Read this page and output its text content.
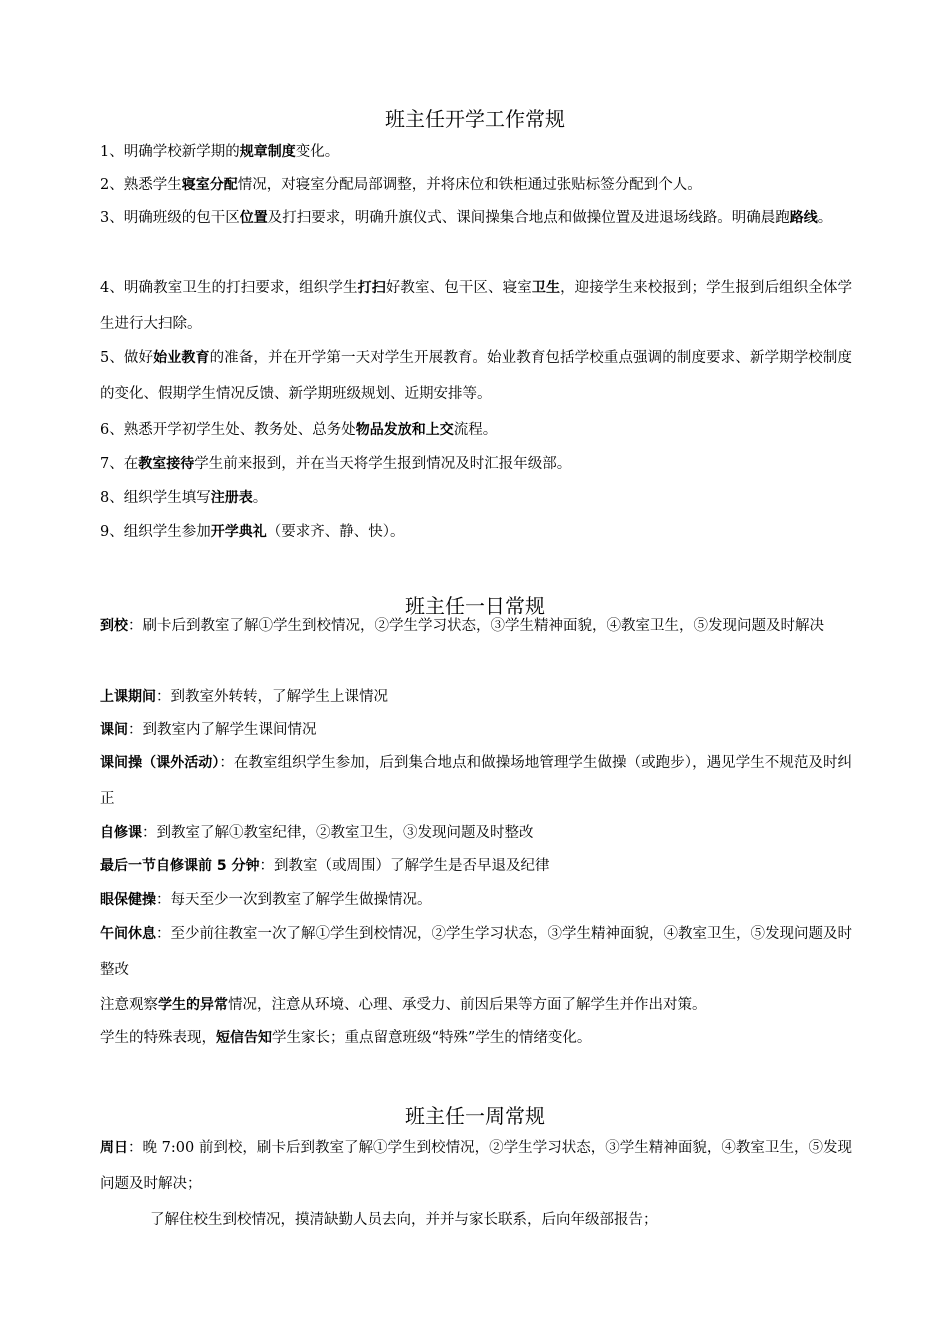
班主任开学工作常规

1、明确学校新学期的规章制度变化。

2、熟悉学生寝室分配情况，对寝室分配局部调整，并将床位和铁柜通过张贴标签分配到个人。

3、明确班级的包干区位置及打扫要求，明确升旗仪式、课间操集合地点和做操位置及进退场线路。明确晨跑路线。

4、明确教室卫生的打扫要求，组织学生打扫好教室、包干区、寝室卫生，迎接学生来校报到；学生报到后组织全体学生进行大扫除。

5、做好始业教育的准备，并在开学第一天对学生开展教育。始业教育包括学校重点强调的制度要求、新学期学校制度的变化、假期学生情况反馈、新学期班级规划、近期安排等。

6、熟悉开学初学生处、教务处、总务处物品发放和上交流程。

7、在教室接待学生前来报到，并在当天将学生报到情况及时汇报年级部。

8、组织学生填写注册表。

9、组织学生参加开学典礼（要求齐、静、快）。

班主任一日常规

到校：刷卡后到教室了解①学生到校情况，②学生学习状态，③学生精神面貌，④教室卫生，⑤发现问题及时解决

上课期间：到教室外转转，了解学生上课情况

课间：到教室内了解学生课间情况

课间操（课外活动）：在教室组织学生参加，后到集合地点和做操场地管理学生做操（或跑步），遇见学生不规范及时纠正

自修课：到教室了解①教室纪律，②教室卫生，③发现问题及时整改

最后一节自修课前 5 分钟：到教室（或周围）了解学生是否早退及纪律

眼保健操：每天至少一次到教室了解学生做操情况。

午间休息：至少前往教室一次了解①学生到校情况，②学生学习状态，③学生精神面貌，④教室卫生，⑤发现问题及时整改

注意观察学生的异常情况，注意从环境、心理、承受力、前因后果等方面了解学生并作出对策。

学生的特殊表现，短信告知学生家长；重点留意班级“特殊”学生的情绪变化。

班主任一周常规

周日：晚 7:00 前到校，刷卡后到教室了解①学生到校情况，②学生学习状态，③学生精神面貌，④教室卫生，⑤发现问题及时解决；

了解住校生到校情况，摸清缺勤人员去向，并并与家长联系，后向年级部报告；
